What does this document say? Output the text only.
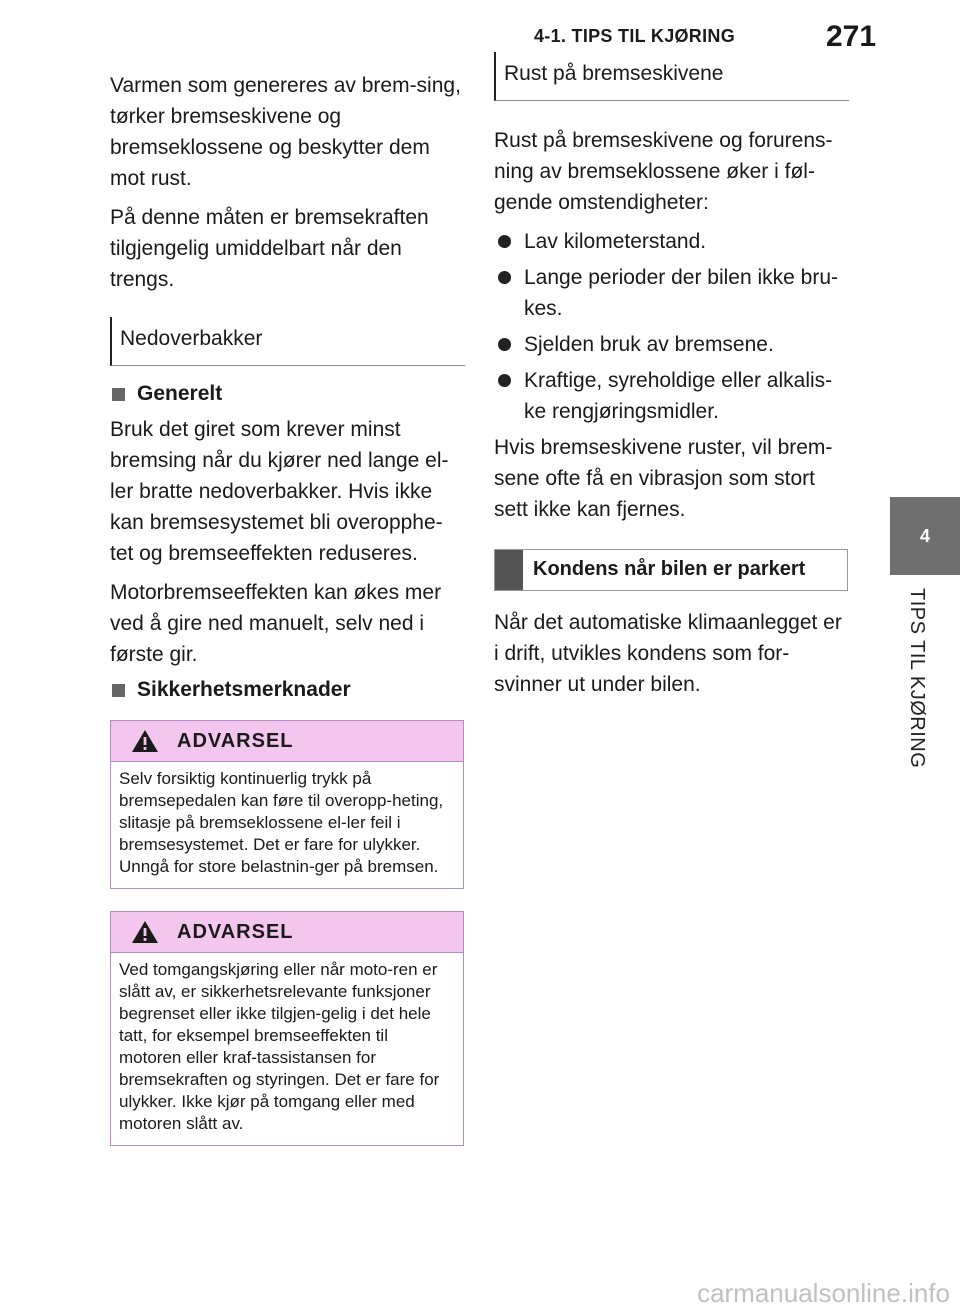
4-1. TIPS TIL KJØRING	271
4
TIPS TIL KJØRING

Varmen som genereres av brem-sing, tørker bremseskivene og bremseklossene og beskytter dem mot rust.

På denne måten er bremsekraften tilgjengelig umiddelbart når den trengs.

Nedoverbakker
Generelt

Bruk det giret som krever minst bremsing når du kjører ned lange el-ler bratte nedoverbakker. Hvis ikke kan bremsesystemet bli overopphe-tet og bremseeffekten reduseres.

Motorbremseeffekten kan økes mer ved å gire ned manuelt, selv ned i første gir.

Sikkerhetsmerknader
ADVARSEL
Selv forsiktig kontinuerlig trykk på bremsepedalen kan føre til overopp-heting, slitasje på bremseklossene el-ler feil i bremsesystemet. Det er fare for ulykker. Unngå for store belastnin-ger på bremsen.
ADVARSEL
Ved tomgangskjøring eller når moto-ren er slått av, er sikkerhetsrelevante funksjoner begrenset eller ikke tilgjen-gelig i det hele tatt, for eksempel bremseeffekten til motoren eller kraf-tassistansen for bremsekraften og styringen. Det er fare for ulykker. Ikke kjør på tomgang eller med motoren slått av.
Rust på bremseskivene

Rust på bremseskivene og forurens-ning av bremseklossene øker i føl-gende omstendigheter:

Lav kilometerstand.
Lange perioder der bilen ikke bru-kes.
Sjelden bruk av bremsene.
Kraftige, syreholdige eller alkalis-ke rengjøringsmidler.

Hvis bremseskivene ruster, vil brem-sene ofte få en vibrasjon som stort sett ikke kan fjernes.

Kondens når bilen er parkert

Når det automatiske klimaanlegget er i drift, utvikles kondens som for-svinner ut under bilen.

carmanualsonline.info
